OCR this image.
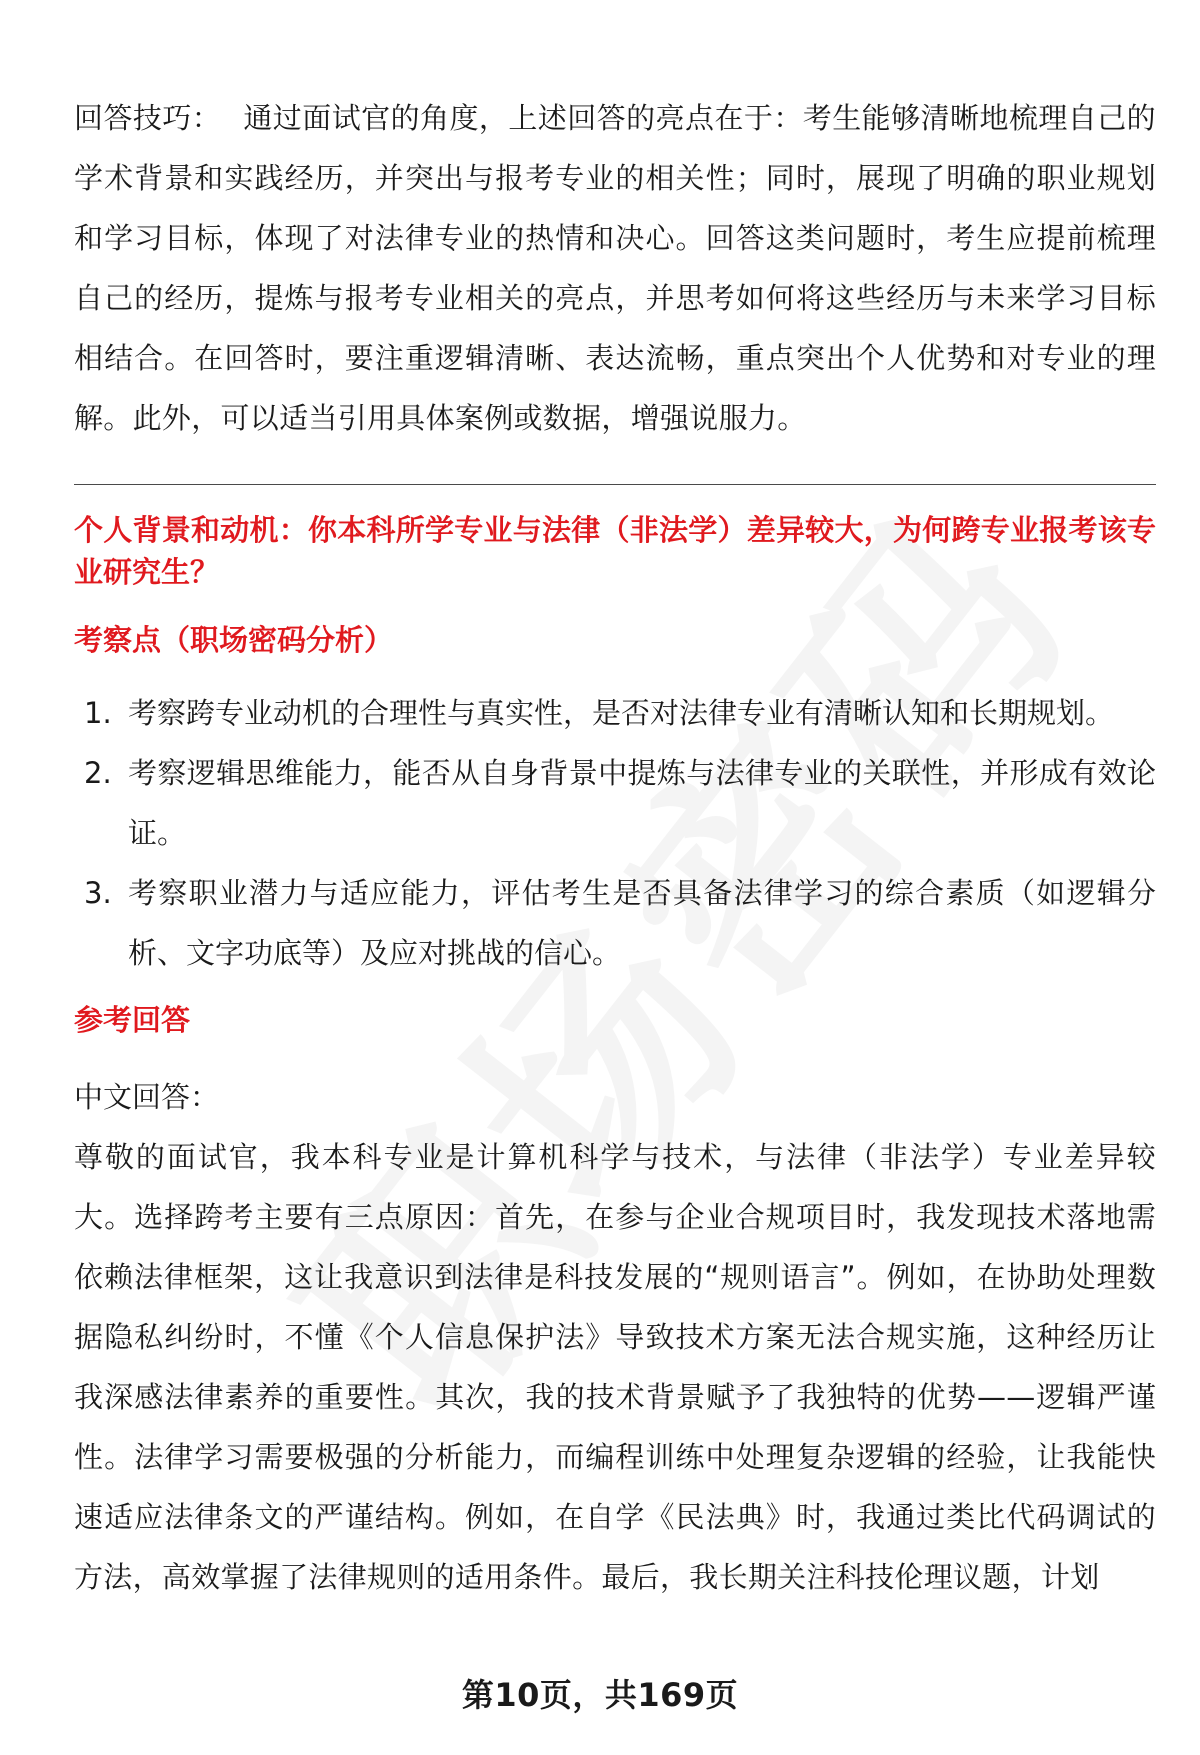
回答技巧： 通过面试官的角度，上述回答的亮点在于：考生能够清晰地梳理自己的学术背景和实践经历，并突出与报考专业的相关性；同时，展现了明确的职业规划和学习目标，体现了对法律专业的热情和决心。回答这类问题时，考生应提前梳理自己的经历，提炼与报考专业相关的亮点，并思考如何将这些经历与未来学习目标相结合。在回答时，要注重逻辑清晰、表达流畅，重点突出个人优势和对专业的理解。此外，可以适当引用具体案例或数据，增强说服力。

个人背景和动机：你本科所学专业与法律（非法学）差异较大，为何跨专业报考该专业研究生？

考察点（职场密码分析）

1. 考察跨专业动机的合理性与真实性，是否对法律专业有清晰认知和长期规划。
2. 考察逻辑思维能力，能否从自身背景中提炼与法律专业的关联性，并形成有效论证。
3. 考察职业潜力与适应能力，评估考生是否具备法律学习的综合素质（如逻辑分析、文字功底等）及应对挑战的信心。

参考回答

中文回答：

尊敬的面试官，我本科专业是计算机科学与技术，与法律（非法学）专业差异较大。选择跨考主要有三点原因：首先，在参与企业合规项目时，我发现技术落地需依赖法律框架，这让我意识到法律是科技发展的“规则语言”。例如，在协助处理数据隐私纠纷时，不懂《个人信息保护法》导致技术方案无法合规实施，这种经历让我深感法律素养的重要性。其次，我的技术背景赋予了我独特的优势——逻辑严谨性。法律学习需要极强的分析能力，而编程训练中处理复杂逻辑的经验，让我能快速适应法律条文的严谨结构。例如，在自学《民法典》时，我通过类比代码调试的方法，高效掌握了法律规则的适用条件。最后，我长期关注科技伦理议题，计划

第10页，共169页
